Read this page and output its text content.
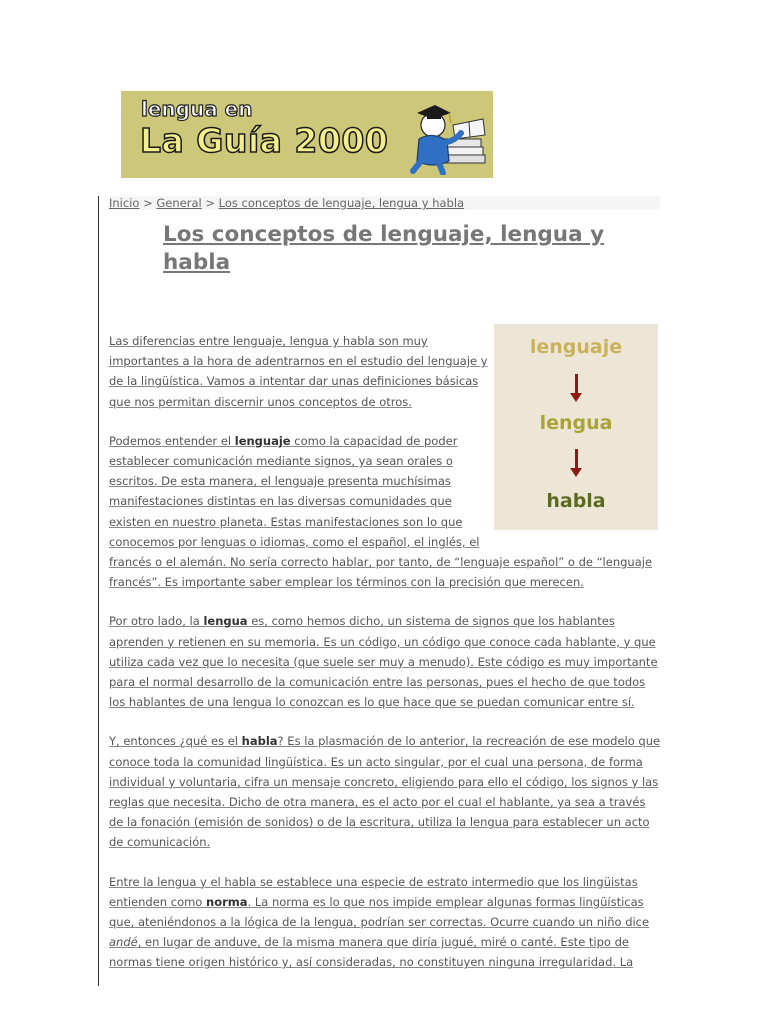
lengua en
La Guía 2000
Inicio > General > Los conceptos de lenguaje, lengua y habla
Los conceptos de lenguaje, lengua y habla
lenguaje
lengua
habla

Las diferencias entre lenguaje, lengua y habla son muy importantes a la hora de adentrarnos en el estudio del lenguaje y de la lingüística. Vamos a intentar dar unas definiciones básicas que nos permitan discernir unos conceptos de otros.

Podemos entender el lenguaje como la capacidad de poder establecer comunicación mediante signos, ya sean orales o escritos. De esta manera, el lenguaje presenta muchísimas manifestaciones distintas en las diversas comunidades que existen en nuestro planeta. Estas manifestaciones son lo que conocemos por lenguas o idiomas, como el español, el inglés, el francés o el alemán. No sería correcto hablar, por tanto, de “lenguaje español” o de “lenguaje francés”. Es importante saber emplear los términos con la precisión que merecen.

Por otro lado, la lengua es, como hemos dicho, un sistema de signos que los hablantes aprenden y retienen en su memoria. Es un código, un código que conoce cada hablante, y que utiliza cada vez que lo necesita (que suele ser muy a menudo). Este código es muy importante para el normal desarrollo de la comunicación entre las personas, pues el hecho de que todos los hablantes de una lengua lo conozcan es lo que hace que se puedan comunicar entre sí.

Y, entonces ¿qué es el habla? Es la plasmación de lo anterior, la recreación de ese modelo que conoce toda la comunidad lingüística. Es un acto singular, por el cual una persona, de forma individual y voluntaria, cifra un mensaje concreto, eligiendo para ello el código, los signos y las reglas que necesita. Dicho de otra manera, es el acto por el cual el hablante, ya sea a través de la fonación (emisión de sonidos) o de la escritura, utiliza la lengua para establecer un acto de comunicación.

Entre la lengua y el habla se establece una especie de estrato intermedio que los lingüistas entienden como norma. La norma es lo que nos impide emplear algunas formas lingüísticas que, ateniéndonos a la lógica de la lengua, podrían ser correctas. Ocurre cuando un niño dice andé, en lugar de anduve, de la misma manera que diría jugué, miré o canté. Este tipo de normas tiene origen histórico y, así consideradas, no constituyen ninguna irregularidad. La
